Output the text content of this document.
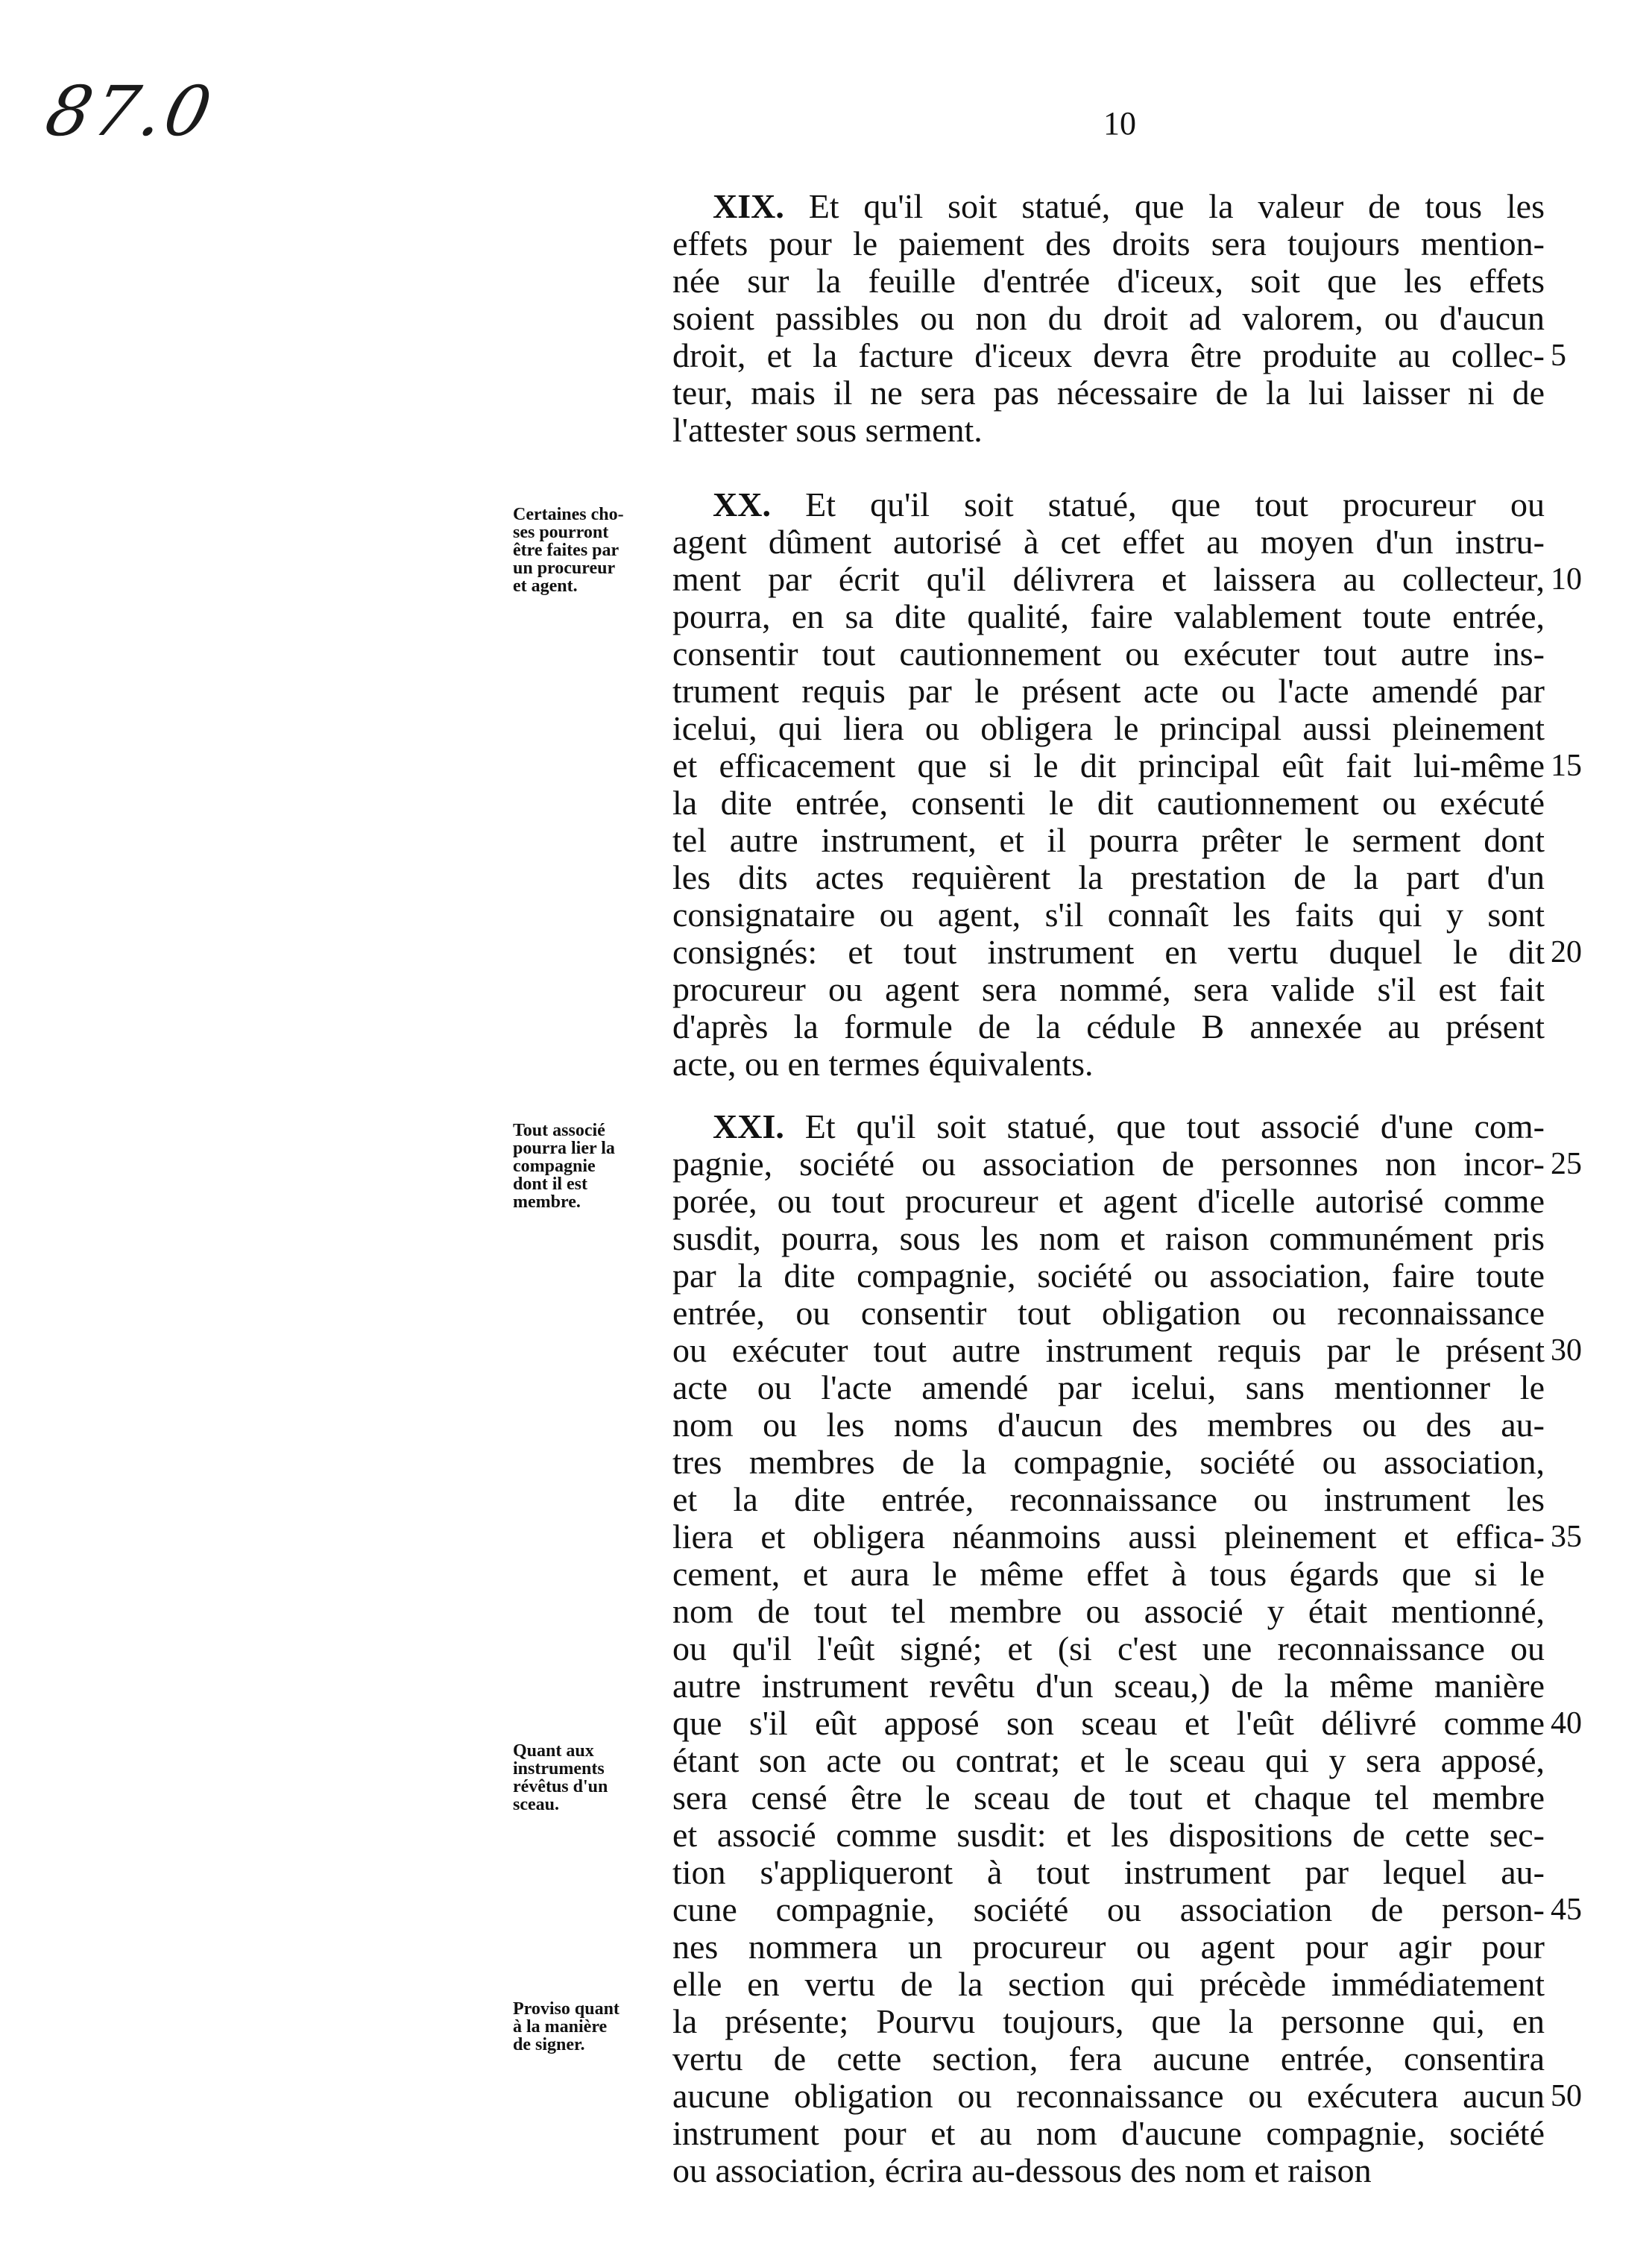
87.0	10
XIX. Et qu'il soit statué, que la valeur de tous les
effets pour le paiement des droits sera toujours mention-
née sur la feuille d'entrée d'iceux, soit que les effets
soient passibles ou non du droit ad valorem, ou d'aucun
droit, et la facture d'iceux devra être produite au collec-
teur, mais il ne sera pas nécessaire de la lui laisser ni de
l'attester sous serment.
XX. Et qu'il soit statué, que tout procureur ou
agent dûment autorisé à cet effet au moyen d'un instru-
ment par écrit qu'il délivrera et laissera au collecteur,
pourra, en sa dite qualité, faire valablement toute entrée,
consentir tout cautionnement ou exécuter tout autre ins-
trument requis par le présent acte ou l'acte amendé par
icelui, qui liera ou obligera le principal aussi pleinement
et efficacement que si le dit principal eût fait lui-même
la dite entrée, consenti le dit cautionnement ou exécuté
tel autre instrument, et il pourra prêter le serment dont
les dits actes requièrent la prestation de la part d'un
consignataire ou agent, s'il connaît les faits qui y sont
consignés: et tout instrument en vertu duquel le dit
procureur ou agent sera nommé, sera valide s'il est fait
d'après la formule de la cédule B annexée au présent
acte, ou en termes équivalents.
XXI. Et qu'il soit statué, que tout associé d'une com-
pagnie, société ou association de personnes non incor-
porée, ou tout procureur et agent d'icelle autorisé comme
susdit, pourra, sous les nom et raison communément pris
par la dite compagnie, société ou association, faire toute
entrée, ou consentir tout obligation ou reconnaissance
ou exécuter tout autre instrument requis par le présent
acte ou l'acte amendé par icelui, sans mentionner le
nom ou les noms d'aucun des membres ou des au-
tres membres de la compagnie, société ou association,
et la dite entrée, reconnaissance ou instrument les
liera et obligera néanmoins aussi pleinement et effica-
cement, et aura le même effet à tous égards que si le
nom de tout tel membre ou associé y était mentionné,
ou qu'il l'eût signé; et (si c'est une reconnaissance ou
autre instrument revêtu d'un sceau,) de la même manière
que s'il eût apposé son sceau et l'eût délivré comme
étant son acte ou contrat; et le sceau qui y sera apposé,
sera censé être le sceau de tout et chaque tel membre
et associé comme susdit: et les dispositions de cette sec-
tion s'appliqueront à tout instrument par lequel au-
cune compagnie, société ou association de person-
nes nommera un procureur ou agent pour agir pour
elle en vertu de la section qui précède immédiatement
la présente; Pourvu toujours, que la personne qui, en
vertu de cette section, fera aucune entrée, consentira
aucune obligation ou reconnaissance ou exécutera aucun
instrument pour et au nom d'aucune compagnie, société
ou association, écrira au-dessous des nom et raison
Certaines cho-
ses pourront
être faites par
un procureur
et agent.
Tout associé
pourra lier la
compagnie
dont il est
membre.
Quant aux
instruments
révêtus d'un
sceau.
Proviso quant
à la manière
de signer.
5
10
15
20
25
30
35
40
45
50
